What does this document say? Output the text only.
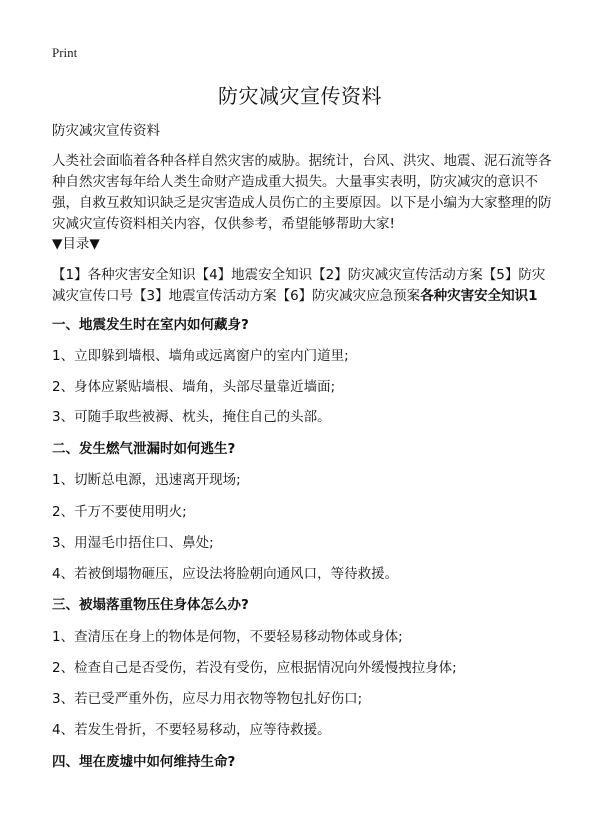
Print
防灾减灾宣传资料

防灾减灾宣传资料

人类社会面临着各种各样自然灾害的威胁。据统计，台风、洪灾、地震、泥石流等各种自然灾害每年给人类生命财产造成重大损失。大量事实表明，防灾减灾的意识不强，自救互救知识缺乏是灾害造成人员伤亡的主要原因。以下是小编为大家整理的防灾减灾宣传资料相关内容，仅供参考，希望能够帮助大家!

▼目录▼

【1】各种灾害安全知识【4】地震安全知识【2】防灾减灾宣传活动方案【5】防灾减灾宣传口号【3】地震宣传活动方案【6】防灾减灾应急预案各种灾害安全知识1

一、地震发生时在室内如何藏身?

1、立即躲到墙根、墙角或远离窗户的室内门道里;

2、身体应紧贴墙根、墙角，头部尽量靠近墙面;

3、可随手取些被褥、枕头，掩住自己的头部。

二、发生燃气泄漏时如何逃生?

1、切断总电源，迅速离开现场;

2、千万不要使用明火;

3、用湿毛巾捂住口、鼻处;

4、若被倒塌物砸压，应设法将脸朝向通风口，等待救援。

三、被塌落重物压住身体怎么办?

1、查清压在身上的物体是何物，不要轻易移动物体或身体;

2、检查自己是否受伤，若没有受伤，应根据情况向外缓慢拽拉身体;

3、若已受严重外伤，应尽力用衣物等物包扎好伤口;

4、若发生骨折，不要轻易移动，应等待救援。

四、埋在废墟中如何维持生命?
